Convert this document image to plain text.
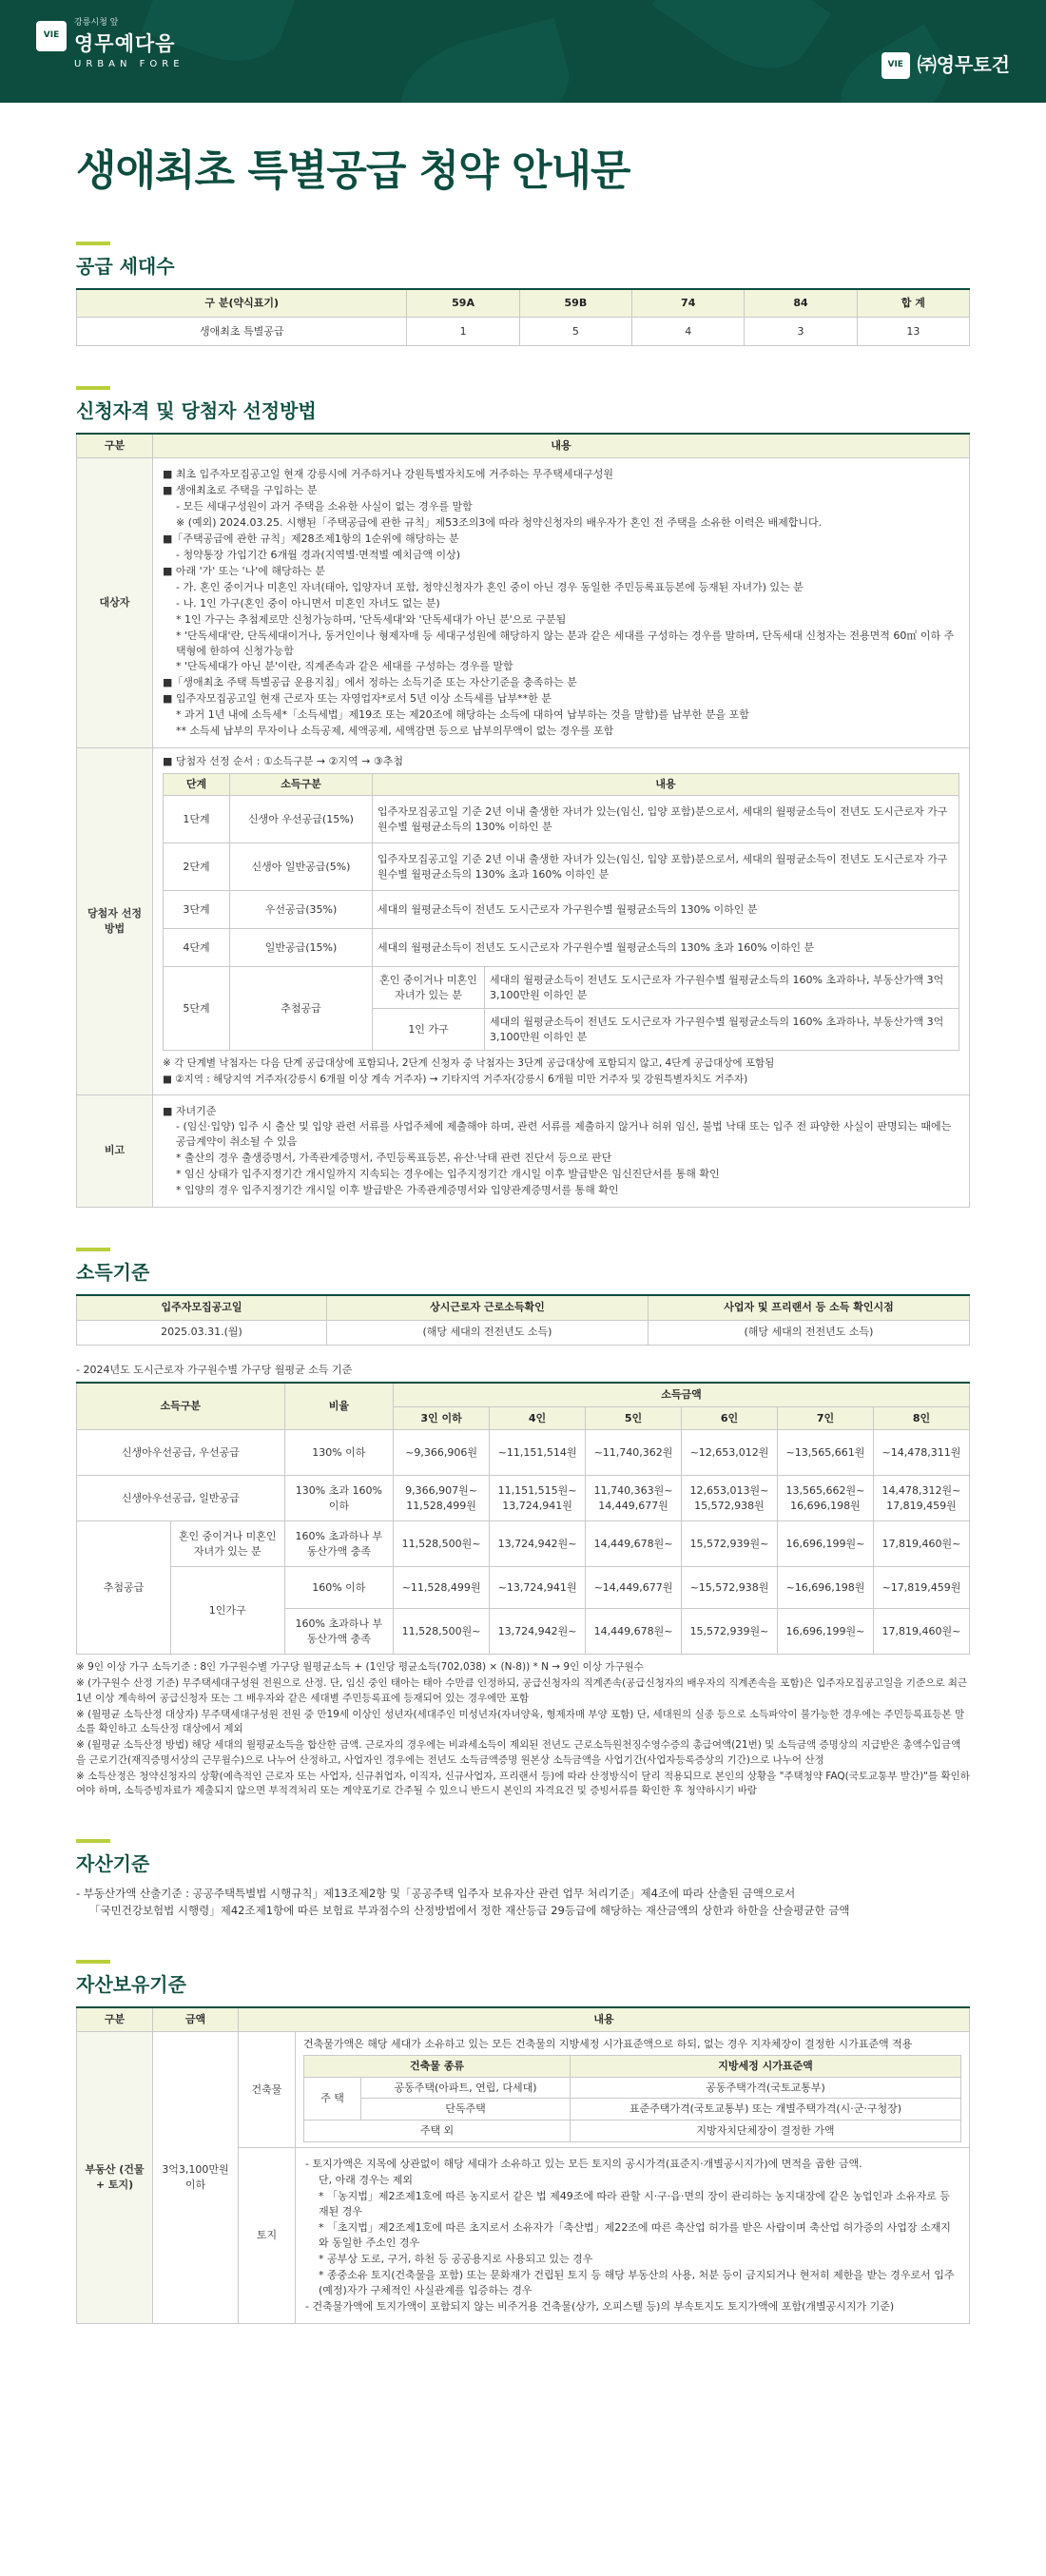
VIE
강릉시청 앞
영무예다음
URBAN FORE	VIE ㈜영무토건
생애최초 특별공급 청약 안내문
공급 세대수
구 분(약식표기)	59A	59B	74	84	합 계
생애최초 특별공급	1	5	4	3	13
신청자격 및 당첨자 선정방법
구분	내용
대상자	
■ 최초 입주자모집공고일 현재 강릉시에 거주하거나 강원특별자치도에 거주하는 무주택세대구성원
■ 생애최초로 주택을 구입하는 분
- 모든 세대구성원이 과거 주택을 소유한 사실이 없는 경우를 말함
※ (예외) 2024.03.25. 시행된「주택공급에 관한 규칙」제53조의3에 따라 청약신청자의 배우자가 혼인 전 주택을 소유한 이력은 배제합니다.
■「주택공급에 관한 규칙」제28조제1항의 1순위에 해당하는 분
- 청약통장 가입기간 6개월 경과(지역별·면적별 예치금액 이상)
■ 아래 '가' 또는 '나'에 해당하는 분
- 가. 혼인 중이거나 미혼인 자녀(태아, 입양자녀 포함, 청약신청자가 혼인 중이 아닌 경우 동일한 주민등록표등본에 등재된 자녀가) 있는 분
- 나. 1인 가구(혼인 중이 아니면서 미혼인 자녀도 없는 분)
* 1인 가구는 추첨제로만 신청가능하며, '단독세대'와 '단독세대가 아닌 분'으로 구분됨
* '단독세대'란, 단독세대이거나, 동거인이나 형제자매 등 세대구성원에 해당하지 않는 분과 같은 세대를 구성하는 경우를 말하며, 단독세대 신청자는 전용면적 60㎡ 이하 주택형에 한하여 신청가능함
* '단독세대가 아닌 분'이란, 직계존속과 같은 세대를 구성하는 경우를 말함
■「생애최초 주택 특별공급 운용지침」에서 정하는 소득기준 또는 자산기준을 충족하는 분
■ 입주자모집공고일 현재 근로자 또는 자영업자*로서 5년 이상 소득세를 납부**한 분
* 과거 1년 내에 소득세*「소득세법」제19조 또는 제20조에 해당하는 소득에 대하여 납부하는 것을 말함)를 납부한 분을 포함
** 소득세 납부의 무자이나 소득공제, 세액공제, 세액감면 등으로 납부의무액이 없는 경우를 포함

당첨자 선정방법	
■ 당첨자 선정 순서 : ①소득구분 → ②지역 → ③추첨
단계	소득구분	내용
1단계	신생아 우선공급(15%)	입주자모집공고일 기준 2년 이내 출생한 자녀가 있는(임신, 입양 포함)분으로서, 세대의 월평균소득이 전년도 도시근로자 가구원수별 월평균소득의 130% 이하인 분
2단계	신생아 일반공급(5%)	입주자모집공고일 기준 2년 이내 출생한 자녀가 있는(임신, 입양 포함)분으로서, 세대의 월평균소득이 전년도 도시근로자 가구원수별 월평균소득의 130% 초과 160% 이하인 분
3단계	우선공급(35%)	세대의 월평균소득이 전년도 도시근로자 가구원수별 월평균소득의 130% 이하인 분
4단계	일반공급(15%)	세대의 월평균소득이 전년도 도시근로자 가구원수별 월평균소득의 130% 초과 160% 이하인 분
5단계	추첨공급	혼인 중이거나 미혼인 자녀가 있는 분	세대의 월평균소득이 전년도 도시근로자 가구원수별 월평균소득의 160% 초과하나, 부동산가액 3억 3,100만원 이하인 분
1인 가구	세대의 월평균소득이 전년도 도시근로자 가구원수별 월평균소득의 160% 초과하나, 부동산가액 3억 3,100만원 이하인 분

※ 각 단계별 낙첨자는 다음 단계 공급대상에 포함되나, 2단계 신청자 중 낙첨자는 3단계 공급대상에 포함되지 않고, 4단계 공급대상에 포함됨

■ ②지역 : 해당지역 거주자(강릉시 6개월 이상 계속 거주자) → 기타지역 거주자(강릉시 6개월 미만 거주자 및 강원특별자치도 거주자)

비고	
■ 자녀기준
- (임신·입양) 입주 시 출산 및 입양 관련 서류를 사업주체에 제출해야 하며, 관련 서류를 제출하지 않거나 허위 임신, 불법 낙태 또는 입주 전 파양한 사실이 판명되는 때에는 공급계약이 취소될 수 있음
* 출산의 경우 출생증명서, 가족관계증명서, 주민등록표등본, 유산·낙태 관련 진단서 등으로 판단
* 임신 상태가 입주지정기간 개시일까지 지속되는 경우에는 입주지정기간 개시일 이후 발급받은 임신진단서를 통해 확인
* 입양의 경우 입주지정기간 개시일 이후 발급받은 가족관계증명서와 입양관계증명서를 통해 확인
소득기준
입주자모집공고일	상시근로자 근로소득확인	사업자 및 프리랜서 등 소득 확인시점
2025.03.31.(월)	(해당 세대의 전전년도 소득)	(해당 세대의 전전년도 소득)
- 2024년도 도시근로자 가구원수별 가구당 월평균 소득 기준
소득구분		비율	소득금액					
			3인 이하	4인	5인	6인	7인	8인
신생아우선공급, 우선공급		130% 이하	~9,366,906원	~11,151,514원	~11,740,362원	~12,653,012원	~13,565,661원	~14,478,311원
신생아우선공급, 일반공급		130% 초과 160% 이하	9,366,907원~ 11,528,499원	11,151,515원~ 13,724,941원	11,740,363원~ 14,449,677원	12,653,013원~ 15,572,938원	13,565,662원~ 16,696,198원	14,478,312원~ 17,819,459원
추첨공급	혼인 중이거나 미혼인 자녀가 있는 분	160% 초과하나 부동산가액 충족	11,528,500원~	13,724,942원~	14,449,678원~	15,572,939원~	16,696,199원~	17,819,460원~
	1인가구	160% 이하	~11,528,499원	~13,724,941원	~14,449,677원	~15,572,938원	~16,696,198원	~17,819,459원
		160% 초과하나 부동산가액 충족	11,528,500원~	13,724,942원~	14,449,678원~	15,572,939원~	16,696,199원~	17,819,460원~

※ 9인 이상 가구 소득기준 : 8인 가구원수별 가구당 월평균소득 + (1인당 평균소득(702,038) × (N-8)) * N → 9인 이상 가구원수

※ (가구원수 산정 기준) 무주택세대구성원 전원으로 산정. 단, 임신 중인 태아는 태아 수만큼 인정하되, 공급신청자의 직계존속(공급신청자의 배우자의 직계존속을 포함)은 입주자모집공고일을 기준으로 최근 1년 이상 계속하여 공급신청자 또는 그 배우자와 같은 세대별 주민등록표에 등재되어 있는 경우에만 포함

※ (월평균 소득산정 대상자) 무주택세대구성원 전원 중 만19세 이상인 성년자(세대주인 미성년자(자녀양육, 형제자매 부양 포함) 단, 세대원의 실종 등으로 소득파악이 불가능한 경우에는 주민등록표등본 말소를 확인하고 소득산정 대상에서 제외

※ (월평균 소득산정 방법) 해당 세대의 월평균소득을 합산한 금액. 근로자의 경우에는 비과세소득이 제외된 전년도 근로소득원천징수영수증의 총급여액(21번) 및 소득금액 증명상의 지급받은 총액수입금액을 근로기간(재직증명서상의 근무월수)으로 나누어 산정하고, 사업자인 경우에는 전년도 소득금액증명 원본상 소득금액을 사업기간(사업자등록증상의 기간)으로 나누어 산정

※ 소득산정은 청약신청자의 상황(예측적인 근로자 또는 사업자, 신규취업자, 이직자, 신규사업자, 프리랜서 등)에 따라 산정방식이 달리 적용되므로 본인의 상황을 "주택청약 FAQ(국토교통부 발간)"를 확인하여야 하며, 소득증빙자료가 제출되지 않으면 부적격처리 또는 계약포기로 간주될 수 있으니 반드시 본인의 자격요건 및 증빙서류를 확인한 후 청약하시기 바람

자산기준

- 부동산가액 산출기준 : 공공주택특별법 시행규칙」제13조제2항 및「공공주택 입주자 보유자산 관련 업무 처리기준」제4조에 따라 산출된 금액으로서

「국민건강보험법 시행령」제42조제1항에 따른 보험료 부과점수의 산정방법에서 정한 재산등급 29등급에 해당하는 재산금액의 상한과 하한을 산술평균한 금액

자산보유기준
구분	금액	내용
부동산 (건물 + 토지)	3억3,100만원 이하	건축물	
건축물가액은 해당 세대가 소유하고 있는 모든 건축물의 지방세정 시가표준액으로 하되, 없는 경우 지자체장이 결정한 시가표준액 적용
건축물 종류	지방세정 시가표준액
주 택	공동주택(아파트, 연립, 다세대)	공동주택가격(국토교통부)
단독주택	표준주택가격(국토교통부) 또는 개별주택가격(시·군·구청장)
주택 외	지방자치단체장이 결정한 가액

토지	
- 토지가액은 지목에 상관없이 해당 세대가 소유하고 있는 모든 토지의 공시가격(표준지·개별공시지가)에 면적을 곱한 금액.
단, 아래 경우는 제외
* 「농지법」제2조제1호에 따른 농지로서 같은 법 제49조에 따라 관할 시·구·읍·면의 장이 관리하는 농지대장에 같은 농업인과 소유자로 등재된 경우
* 「초지법」제2조제1호에 따른 초지로서 소유자가「축산법」제22조에 따른 축산업 허가를 받은 사람이며 축산업 허가증의 사업장 소재지와 동일한 주소인 경우
* 공부상 도로, 구거, 하천 등 공공용지로 사용되고 있는 경우
* 종중소유 토지(건축물을 포함) 또는 문화재가 건립된 토지 등 해당 부동산의 사용, 처분 등이 금지되거나 현저히 제한을 받는 경우로서 입주(예정)자가 구체적인 사실관계를 입증하는 경우
- 건축물가액에 토지가액이 포함되지 않는 비주거용 건축물(상가, 오피스텔 등)의 부속토지도 토지가액에 포함(개별공시지가 기준)
